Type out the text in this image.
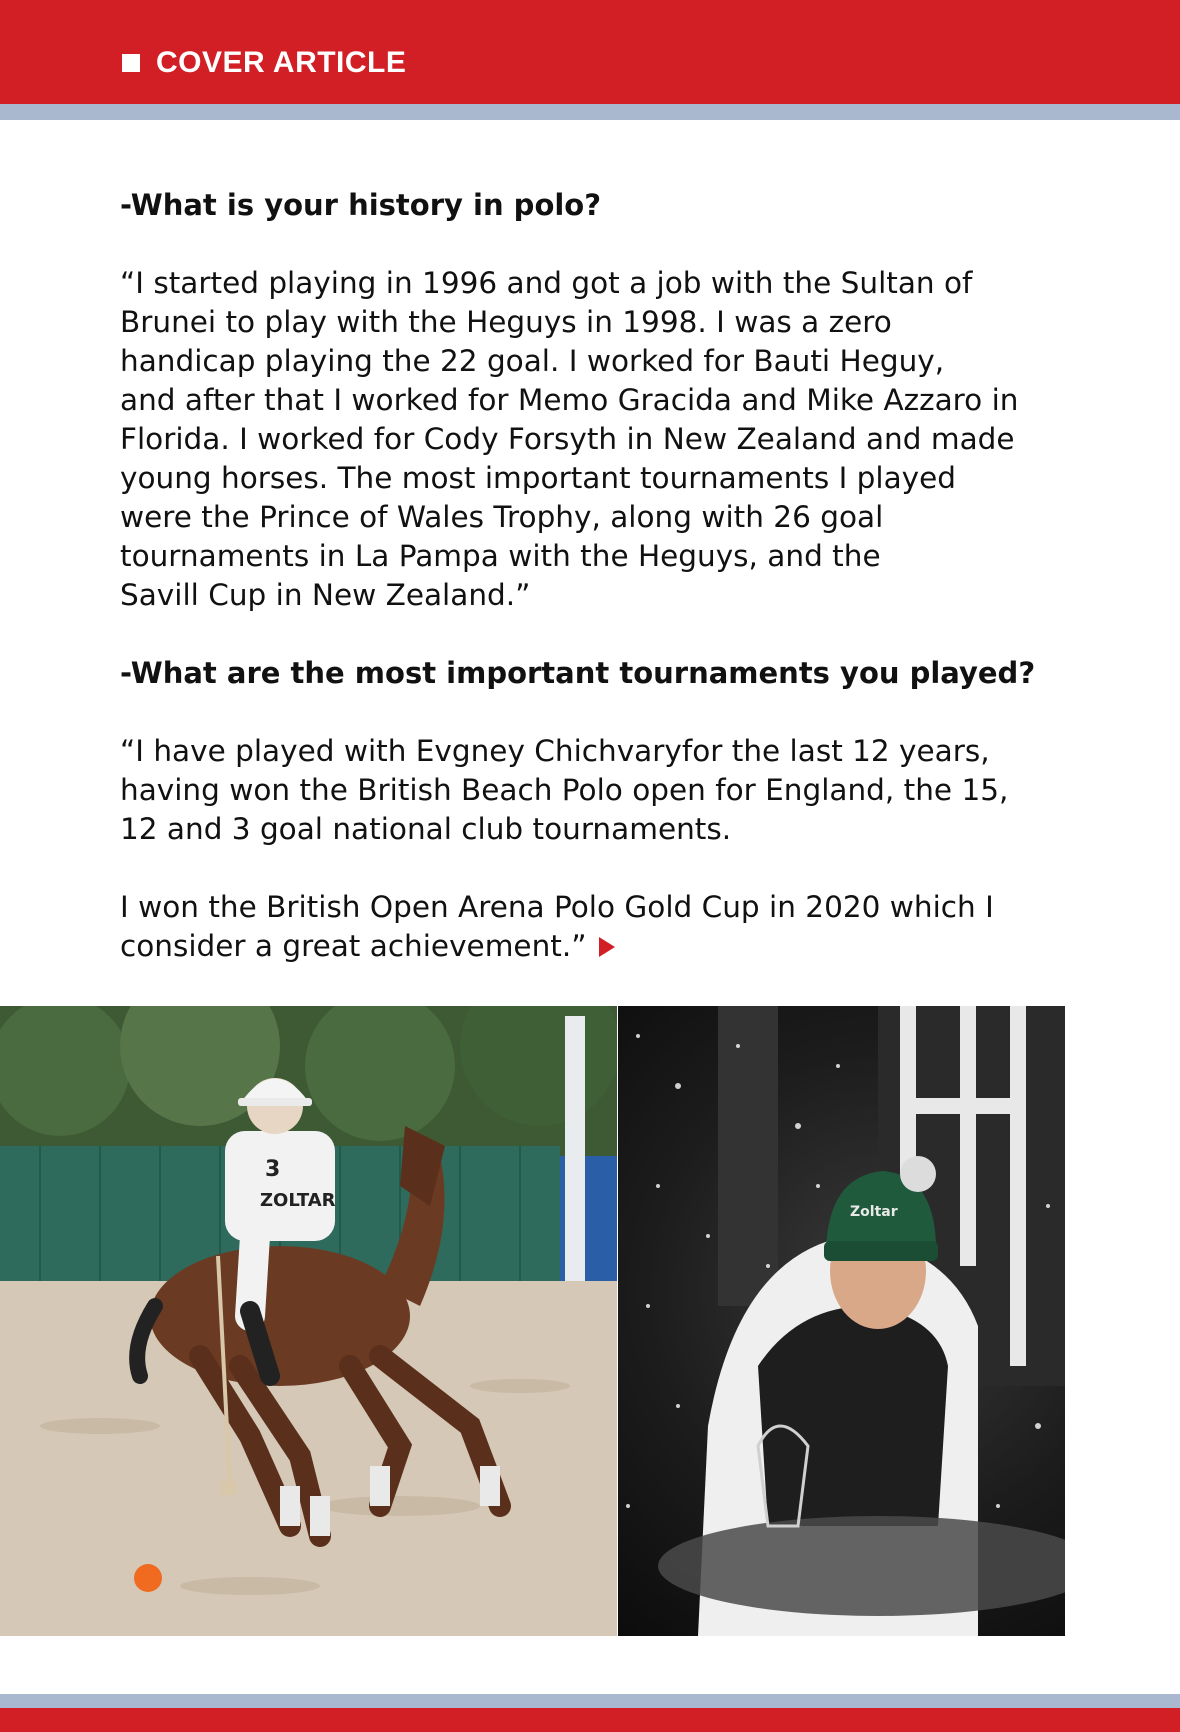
COVER ARTICLE

-What is your history in polo?

“I started playing in 1996 and got a job with the Sultan of
Brunei to play with the Heguys in 1998. I was a zero
handicap playing the 22 goal. I worked for Bauti Heguy,
and after that I worked for Memo Gracida and Mike Azzaro in
Florida. I worked for Cody Forsyth in New Zealand and made
young horses. The most important tournaments I played
were the Prince of Wales Trophy, along with 26 goal
tournaments in La Pampa with the Heguys, and the
Savill Cup in New Zealand.”

-What are the most important tournaments you played?

“I have played with Evgney Chichvaryfor the last 12 years,
having won the British Beach Polo open for England, the 15,
12 and 3 goal national club tournaments.

I won the British Open Arena Polo Gold Cup in 2020 which I
consider a great achievement.”

3
ZOLTAR
Zoltar
